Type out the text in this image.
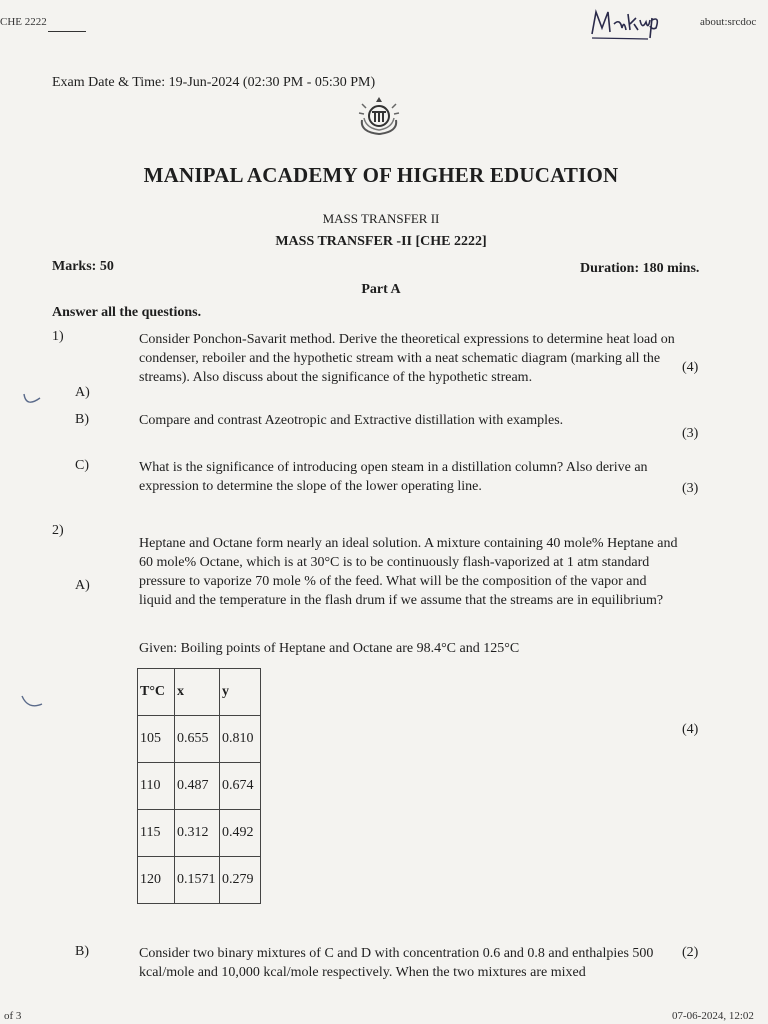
CHE 2222	about:srcdoc
Exam Date & Time: 19-Jun-2024 (02:30 PM - 05:30 PM)
MANIPAL ACADEMY OF HIGHER EDUCATION
MASS TRANSFER II
MASS TRANSFER -II [CHE 2222]
Marks: 50	Duration: 180 mins.
Part A
Answer all the questions.
1)	Consider Ponchon-Savarit method. Derive the theoretical expressions to determine heat load on condenser, reboiler and the hypothetic stream with a neat schematic diagram (marking all the streams). Also discuss about the significance of the hypothetic stream.
(4)
A)
B)	Compare and contrast Azeotropic and Extractive distillation with examples.
(3)
C)	What is the significance of introducing open steam in a distillation column? Also derive an expression to determine the slope of the lower operating line.	(3)
2)
Heptane and Octane form nearly an ideal solution. A mixture containing 40 mole% Heptane and 60 mole% Octane, which is at 30°C is to be continuously flash-vaporized at 1 atm standard pressure to vaporize 70 mole % of the feed. What will be the composition of the vapor and liquid and the temperature in the flash drum if we assume that the streams are in equilibrium?
A)
Given: Boiling points of Heptane and Octane are 98.4°C and 125°C
T°C	x	y
105	0.655	0.810
110	0.487	0.674
115	0.312	0.492
120	0.1571	0.279
(4)
B)	Consider two binary mixtures of C and D with concentration 0.6 and 0.8 and enthalpies 500 kcal/mole and 10,000 kcal/mole respectively. When the two mixtures are mixed
(2)
of 3	07-06-2024, 12:02
